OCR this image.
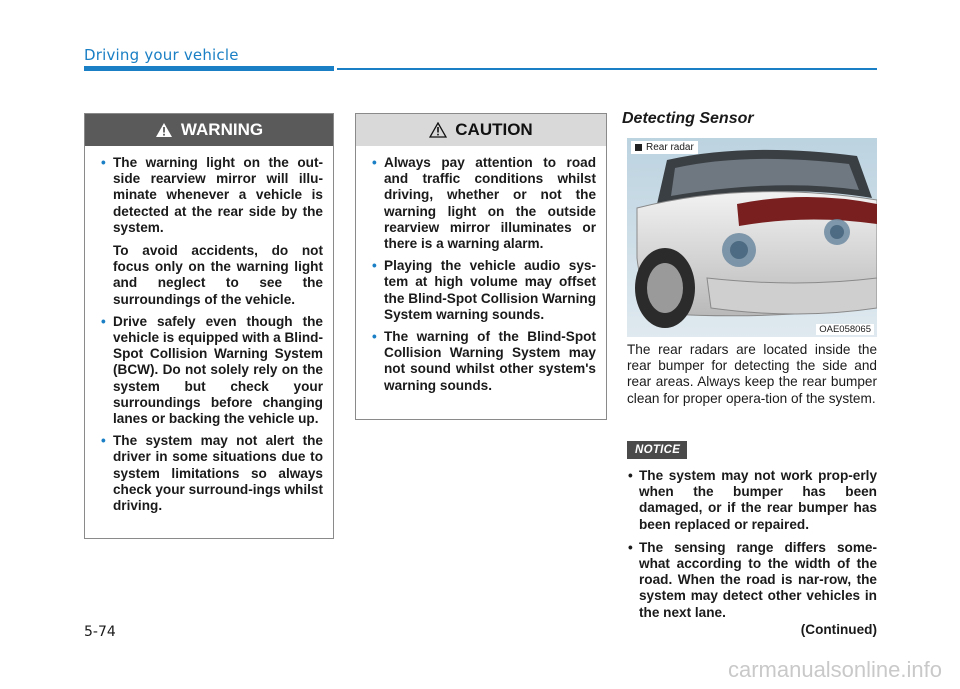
Driving your vehicle
WARNING
• The warning light on the out-side rearview mirror will illu-minate whenever a vehicle is detected at the rear side by the system.

To avoid accidents, do not focus only on the warning light and neglect to see the surroundings of the vehicle.

• Drive safely even though the vehicle is equipped with a Blind-Spot Collision Warning System (BCW). Do not solely rely on the system but check your surroundings before changing lanes or backing the vehicle up.

• The system may not alert the driver in some situations due to system limitations so always check your surround-ings whilst driving.

CAUTION
• Always pay attention to road and traffic conditions whilst driving, whether or not the warning light on the outside rearview mirror illuminates or there is a warning alarm.

• Playing the vehicle audio sys-tem at high volume may offset the Blind-Spot Collision Warning System warning sounds.

• The warning of the Blind-Spot Collision Warning System may not sound whilst other system's warning sounds.

Detecting Sensor
Rear radar
OAE058065

The rear radars are located inside the rear bumper for detecting the side and rear areas. Always keep the rear bumper clean for proper opera-tion of the system.

NOTICE
• The system may not work prop-erly when the bumper has been damaged, or if the rear bumper has been replaced or repaired.
• The sensing range differs some-what according to the width of the road. When the road is nar-row, the system may detect other vehicles in the next lane.
(Continued)
5-74
carmanualsonline.info
